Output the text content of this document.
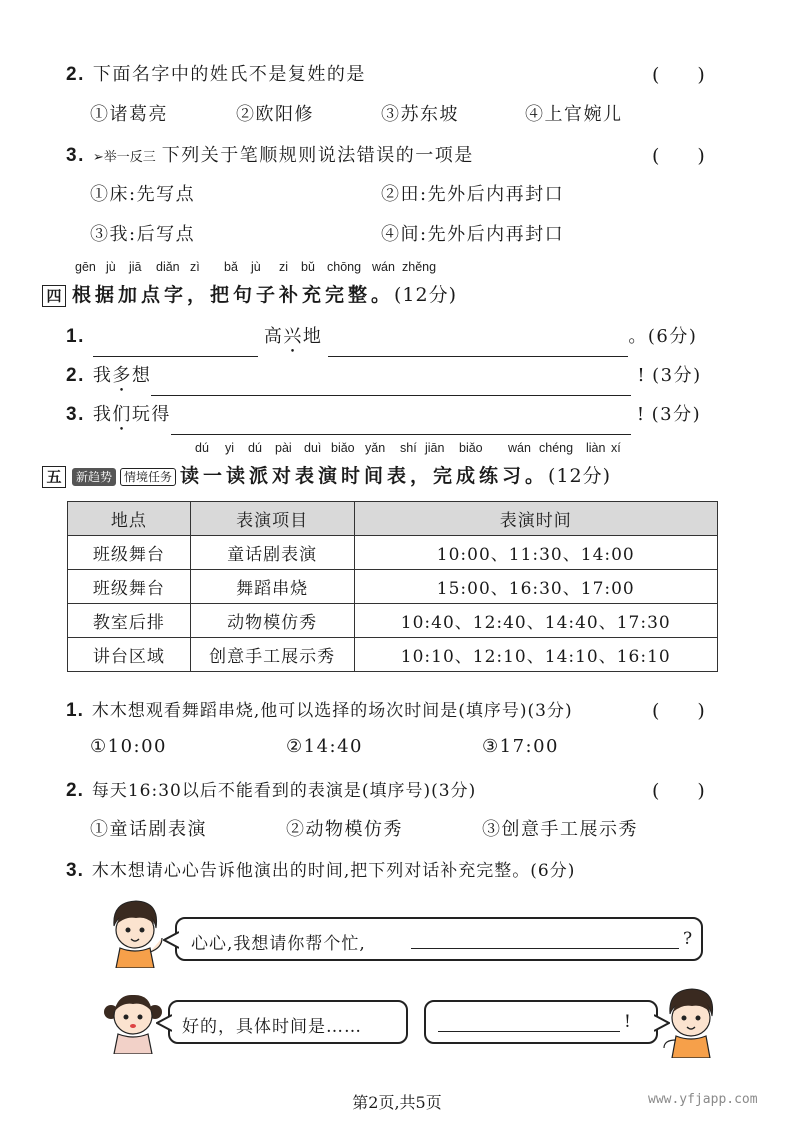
2. 下面名字中的姓氏不是复姓的是	(　　)
①诸葛亮	②欧阳修	③苏东坡	④上官婉儿
3. ➢举一反三 下列关于笔顺规则说法错误的一项是	(　　)
①床:先写点	②田:先外后内再封口
③我:后写点	④间:先外后内再封口
gēn jù jiā diǎn zì bǎ jù zi bǔ chōng wán zhěng
四 根据加点字，把句子补充完整。(12分)
1.	高兴地	。(6分)
2. 我多想	! (3分)
3. 我们玩得	! (3分)
dú yi dú pài duì biǎo yǎn shí jiān biǎo wán chéng liàn xí
五 新趋势 情境任务 读一读派对表演时间表，完成练习。(12分)
地点	表演项目	表演时间
班级舞台	童话剧表演	10:00、11:30、14:00
班级舞台	舞蹈串烧	15:00、16:30、17:00
教室后排	动物模仿秀	10:40、12:40、14:40、17:30
讲台区域	创意手工展示秀	10:10、12:10、14:10、16:10
1. 木木想观看舞蹈串烧,他可以选择的场次时间是(填序号)(3分)	(　　)
①10:00	②14:40	③17:00
2. 每天16:30以后不能看到的表演是(填序号)(3分)	(　　)
①童话剧表演	②动物模仿秀	③创意手工展示秀
3. 木木想请心心告诉他演出的时间,把下列对话补充完整。(6分)
心心,我想请你帮个忙,	?
好的，具体时间是……	!
第2页,共5页	www.yfjapp.com
